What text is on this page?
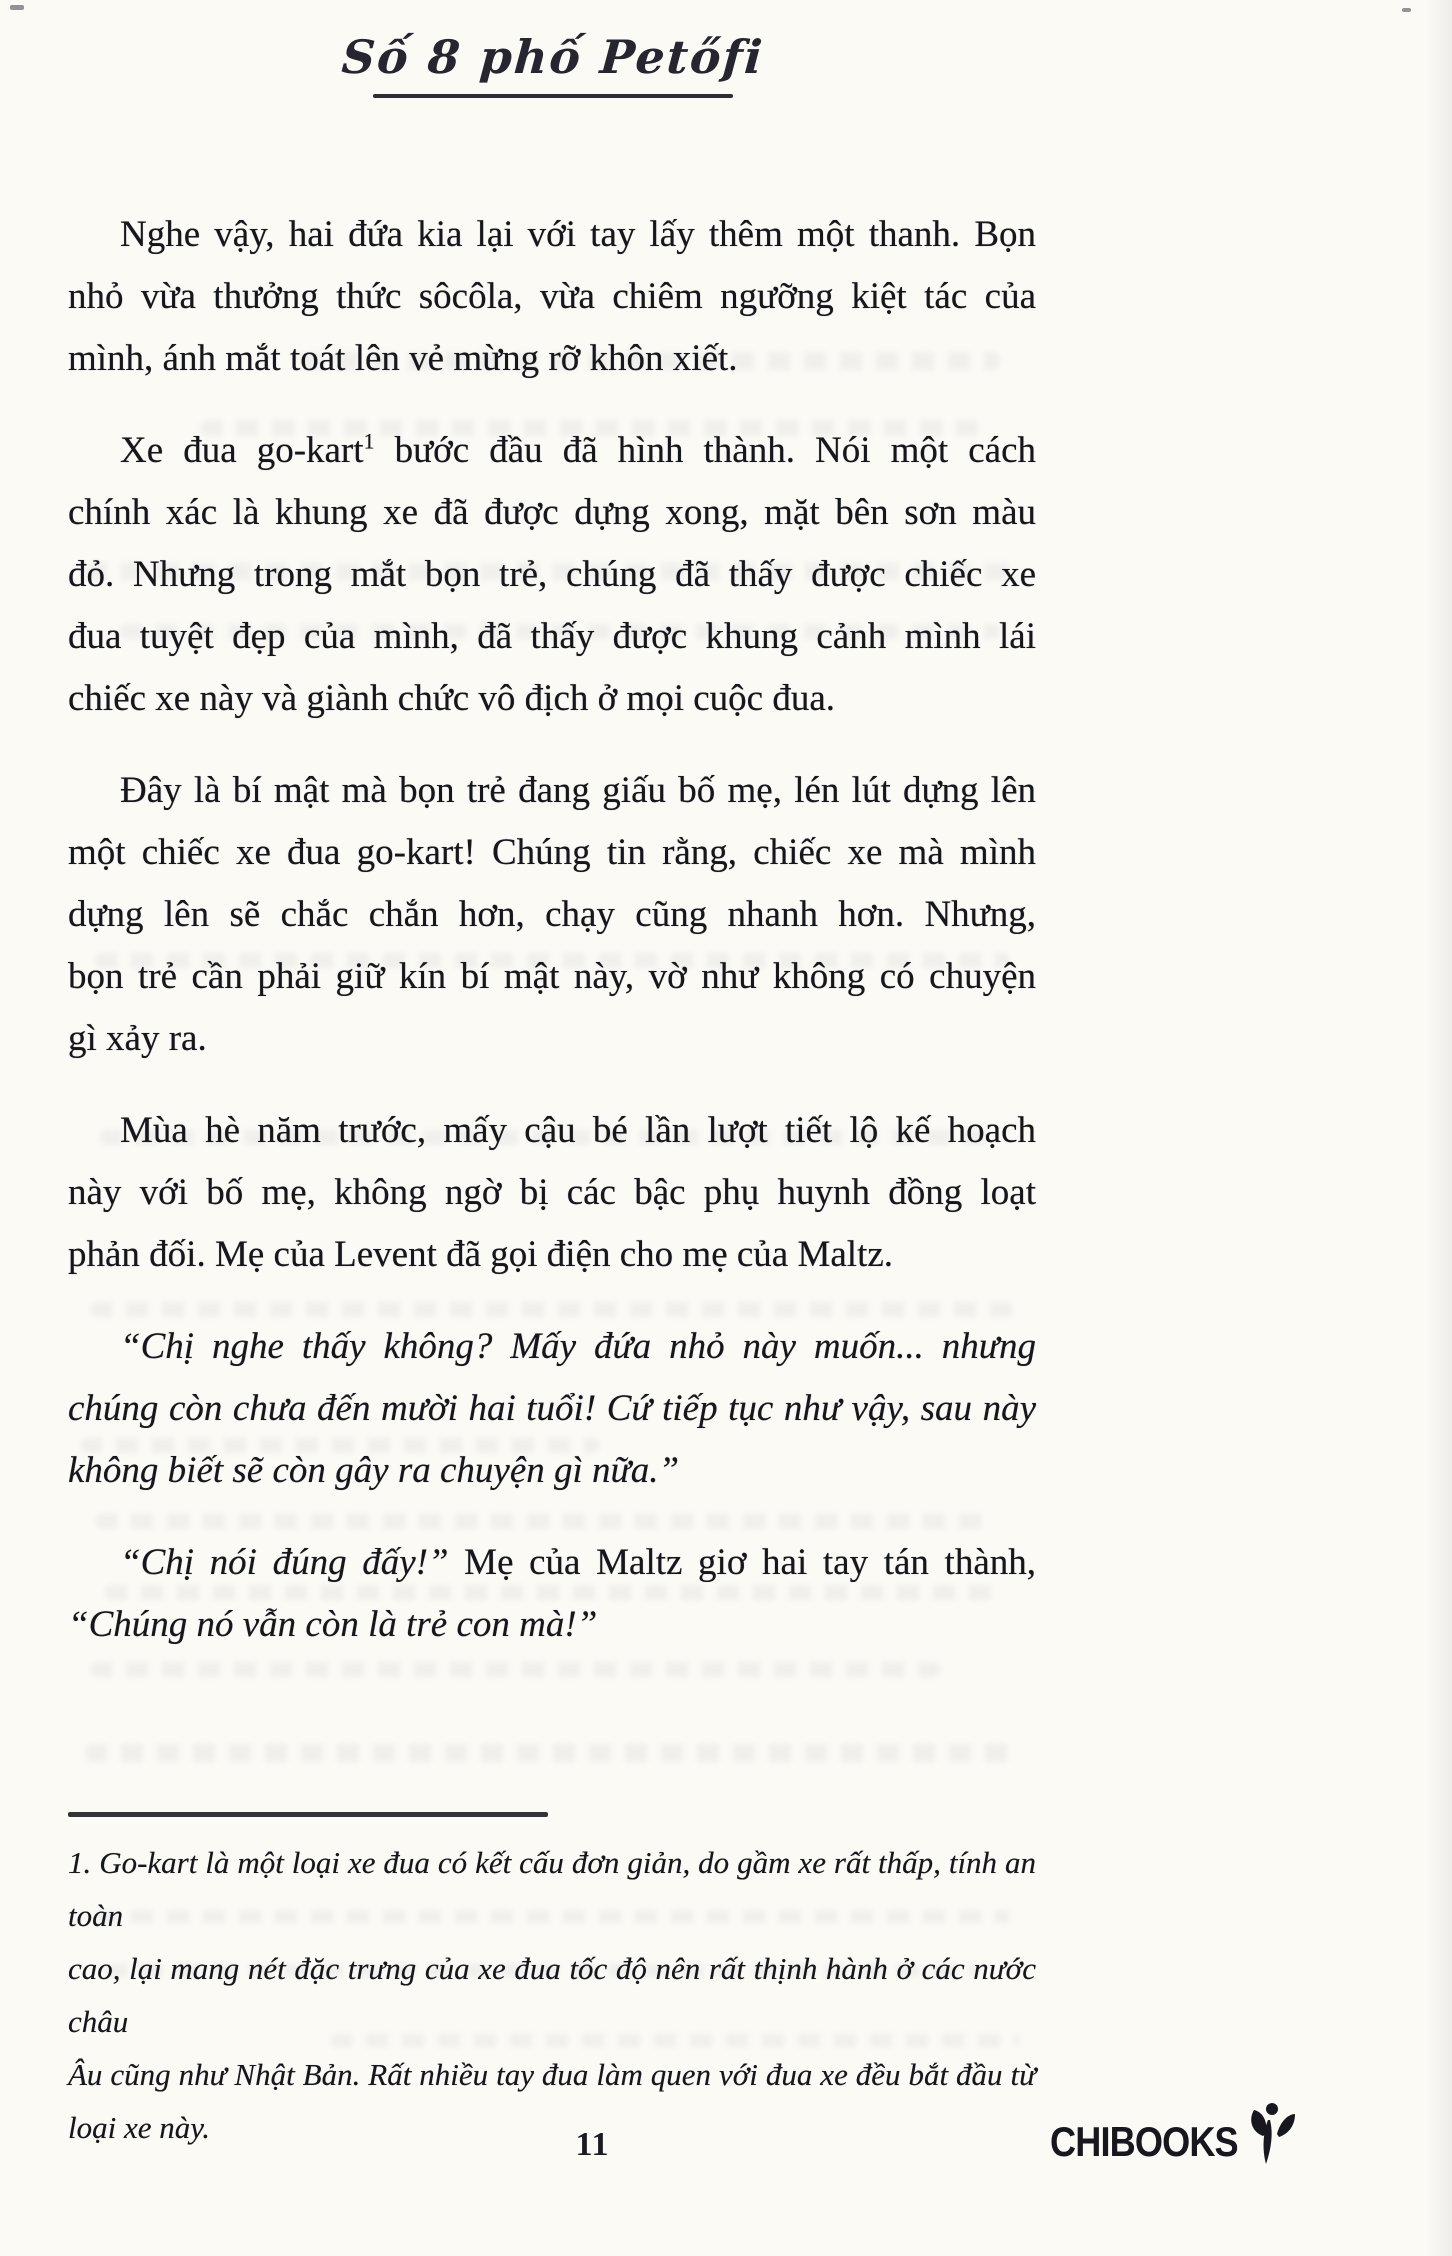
Số 8 phố Petőfi
Nghe vậy, hai đứa kia lại với tay lấy thêm một thanh. Bọn
nhỏ vừa thưởng thức sôcôla, vừa chiêm ngưỡng kiệt tác của
mình, ánh mắt toát lên vẻ mừng rỡ khôn xiết.
Xe đua go-kart$^1$ bước đầu đã hình thành. Nói một cách
chính xác là khung xe đã được dựng xong, mặt bên sơn màu
đỏ. Nhưng trong mắt bọn trẻ, chúng đã thấy được chiếc xe
đua tuyệt đẹp của mình, đã thấy được khung cảnh mình lái
chiếc xe này và giành chức vô địch ở mọi cuộc đua.
Đây là bí mật mà bọn trẻ đang giấu bố mẹ, lén lút dựng lên
một chiếc xe đua go-kart! Chúng tin rằng, chiếc xe mà mình
dựng lên sẽ chắc chắn hơn, chạy cũng nhanh hơn. Nhưng,
bọn trẻ cần phải giữ kín bí mật này, vờ như không có chuyện
gì xảy ra.
Mùa hè năm trước, mấy cậu bé lần lượt tiết lộ kế hoạch
này với bố mẹ, không ngờ bị các bậc phụ huynh đồng loạt
phản đối. Mẹ của Levent đã gọi điện cho mẹ của Maltz.
“Chị nghe thấy không? Mấy đứa nhỏ này muốn... nhưng
chúng còn chưa đến mười hai tuổi! Cứ tiếp tục như vậy, sau này
không biết sẽ còn gây ra chuyện gì nữa.”
“Chị nói đúng đấy!” Mẹ của Maltz giơ hai tay tán thành,
“Chúng nó vẫn còn là trẻ con mà!”
1. Go-kart là một loại xe đua có kết cấu đơn giản, do gầm xe rất thấp, tính an toàn
cao, lại mang nét đặc trưng của xe đua tốc độ nên rất thịnh hành ở các nước châu
Âu cũng như Nhật Bản. Rất nhiều tay đua làm quen với đua xe đều bắt đầu từ
loại xe này.	11	CHIBOOKS
